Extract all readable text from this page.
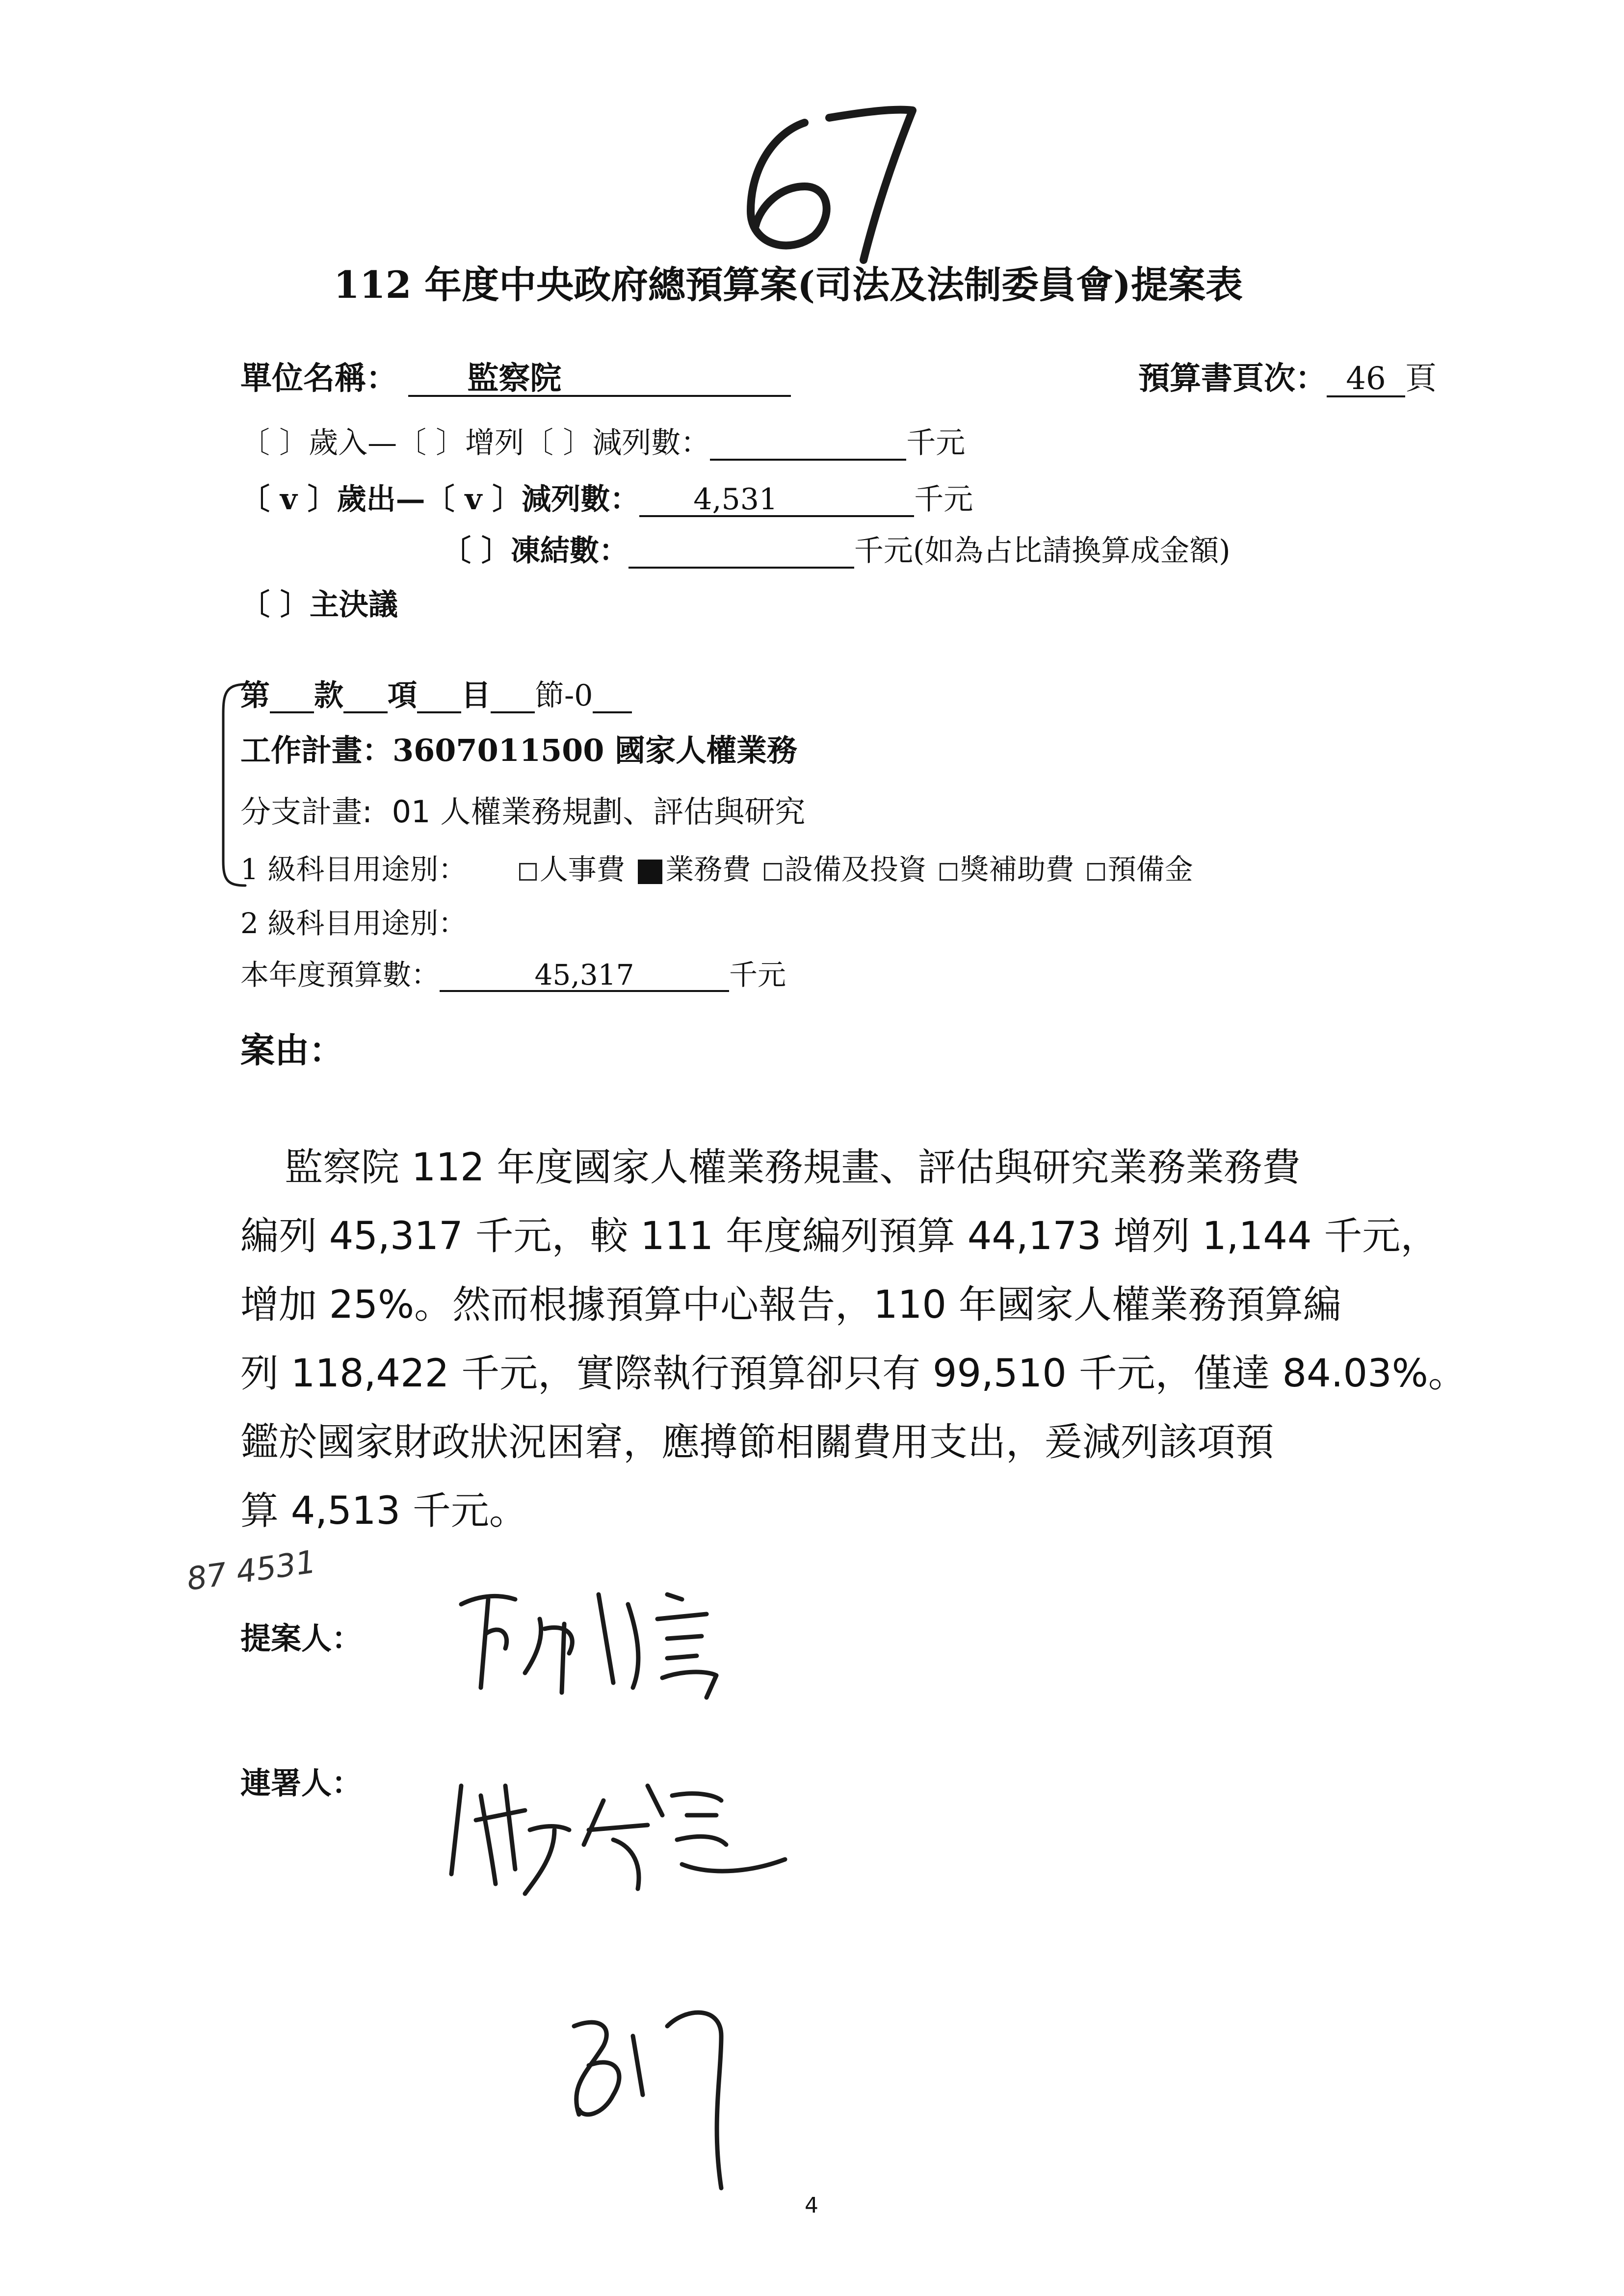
112 年度中央政府總預算案(司法及法制委員會)提案表
單位名稱： 監察院	預算書頁次： 46 頁
〔 〕歲入—〔 〕增列〔 〕減列數：	千元
〔 v 〕歲出—〔 v 〕減列數： 4,531	千元
〔 〕凍結數：	千元(如為占比請換算成金額)
〔 〕主決議
第 款 項 目 節-0
工作計畫：3607011500 國家人權業務
分支計畫: 01 人權業務規劃、評估與研究
1 級科目用途別：	人事費 業務費 設備及投資 獎補助費 預備金
2 級科目用途別：
本年度預算數：	45,317	千元
案由：
監察院 112 年度國家人權業務規畫、評估與研究業務業務費
編列 45,317 千元，較 111 年度編列預算 44,173 增列 1,144 千元，
增加 25%。然而根據預算中心報告，110 年國家人權業務預算編
列 118,422 千元，實際執行預算卻只有 99,510 千元，僅達 84.03%。
鑑於國家財政狀況困窘，應撙節相關費用支出，爰減列該項預
算 4,513 千元。
87 4531
提案人：
連署人：
4
